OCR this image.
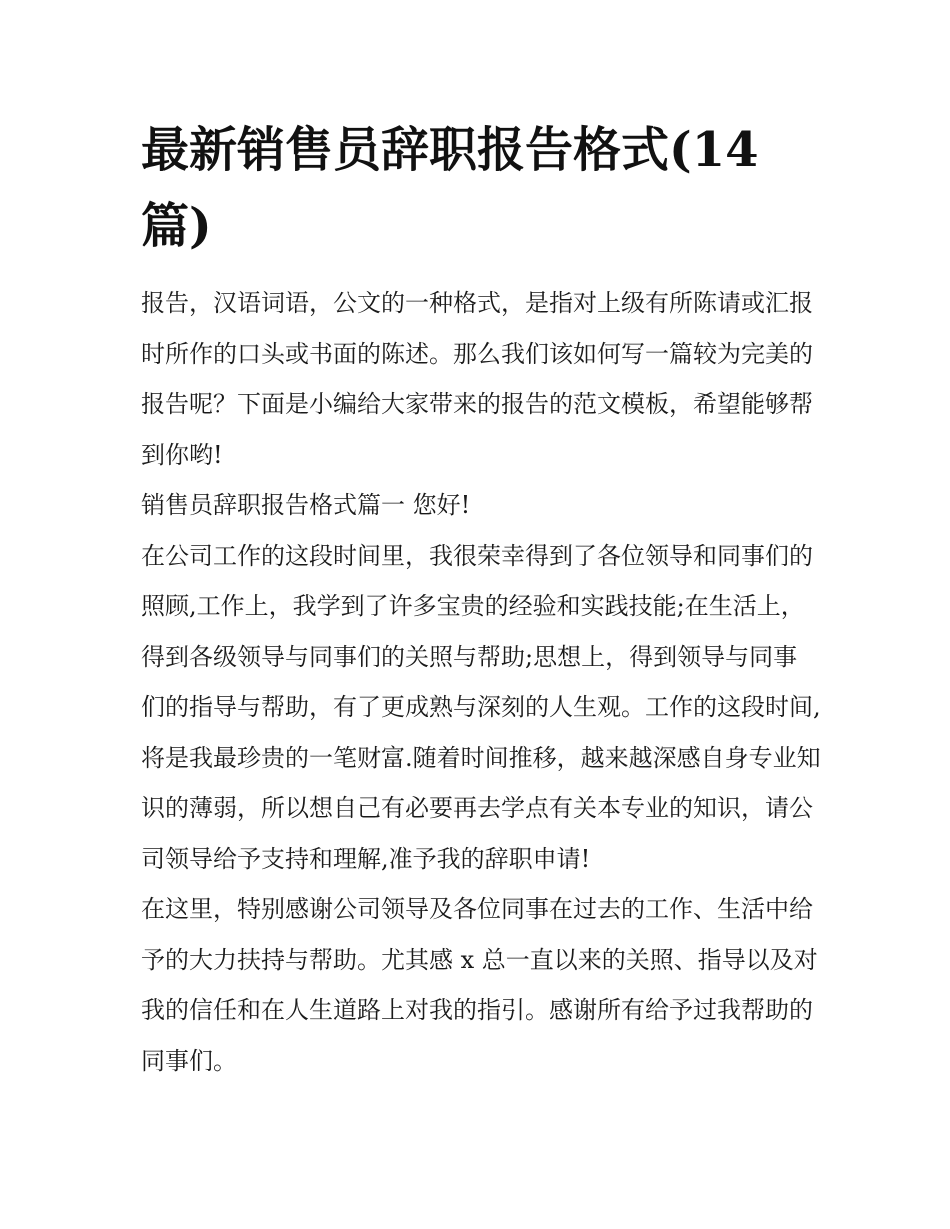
最新销售员辞职报告格式(14篇)

报告，汉语词语，公文的一种格式，是指对上级有所陈请或汇报时所作的口头或书面的陈述。那么我们该如何写一篇较为完美的报告呢？下面是小编给大家带来的报告的范文模板，希望能够帮到你哟!

销售员辞职报告格式篇一 您好!

在公司工作的这段时间里，我很荣幸得到了各位领导和同事们的照顾,工作上，我学到了许多宝贵的经验和实践技能;在生活上，得到各级领导与同事们的关照与帮助;思想上，得到领导与同事们的指导与帮助，有了更成熟与深刻的人生观。工作的这段时间,将是我最珍贵的一笔财富.随着时间推移，越来越深感自身专业知识的薄弱，所以想自己有必要再去学点有关本专业的知识，请公司领导给予支持和理解,准予我的辞职申请!

在这里，特别感谢公司领导及各位同事在过去的工作、生活中给予的大力扶持与帮助。尤其感 x 总一直以来的关照、指导以及对我的信任和在人生道路上对我的指引。感谢所有给予过我帮助的同事们。
